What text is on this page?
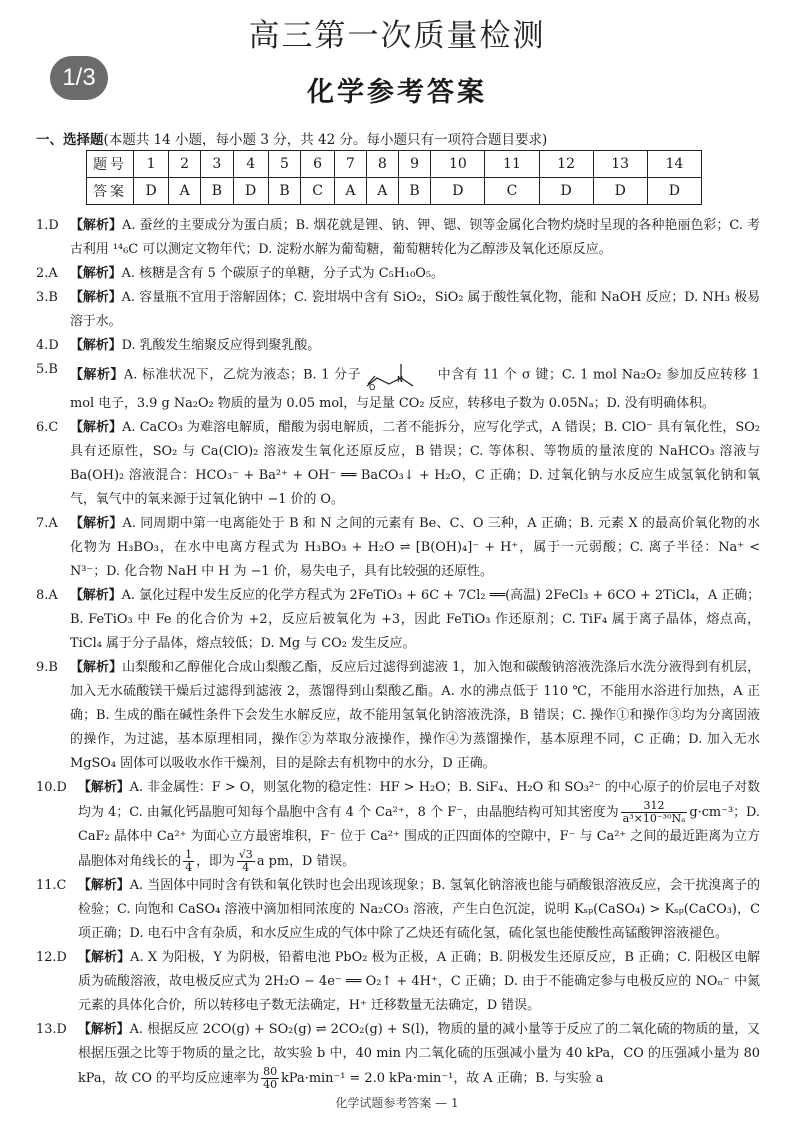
高三第一次质量检测
1/3	化学参考答案
一、选择题(本题共 14 小题，每小题 3 分，共 42 分。每小题只有一项符合题目要求)
题号	1	2	3	4	5	6	7	8	9	10	11	12	13	14
答案	D	A	B	D	B	C	A	A	B	D	C	D	D	D
1.D 【解析】A. 蚕丝的主要成分为蛋白质；B. 烟花就是锂、钠、钾、锶、钡等金属化合物灼烧时呈现的各种艳丽色彩；C. 考古利用 ¹⁴₆C 可以测定文物年代；D. 淀粉水解为葡萄糖，葡萄糖转化为乙醇涉及氧化还原反应。
2.A 【解析】A. 核糖是含有 5 个碳原子的单糖，分子式为 C₅H₁₀O₅。
3.B 【解析】A. 容量瓶不宜用于溶解固体；C. 瓷坩埚中含有 SiO₂，SiO₂ 属于酸性氧化物，能和 NaOH 反应；D. NH₃ 极易溶于水。
4.D 【解析】D. 乳酸发生缩聚反应得到聚乳酸。
5.B 【解析】A. 标准状况下，乙烷为液态；B. 1 分子
O
N	中含有 11 个 σ 键；C. 1 mol Na₂O₂ 参加反应转移 1 mol 电子，3.9 g Na₂O₂ 物质的量为 0.05 mol，与足量 CO₂ 反应，转移电子数为 0.05Nₐ；D. 没有明确体积。
6.C 【解析】A. CaCO₃ 为难溶电解质，醋酸为弱电解质，二者不能拆分，应写化学式，A 错误；B. ClO⁻ 具有氧化性，SO₂ 具有还原性，SO₂ 与 Ca(ClO)₂ 溶液发生氧化还原反应，B 错误；C. 等体积、等物质的量浓度的 NaHCO₃ 溶液与 Ba(OH)₂ 溶液混合：HCO₃⁻ + Ba²⁺ + OH⁻ ══ BaCO₃↓ + H₂O，C 正确；D. 过氧化钠与水反应生成氢氧化钠和氧气，氧气中的氧来源于过氧化钠中 −1 价的 O。
7.A 【解析】A. 同周期中第一电离能处于 B 和 N 之间的元素有 Be、C、O 三种，A 正确；B. 元素 X 的最高价氧化物的水化物为 H₃BO₃，在水中电离方程式为 H₃BO₃ + H₂O ⇌ [B(OH)₄]⁻ + H⁺，属于一元弱酸；C. 离子半径：Na⁺ < N³⁻；D. 化合物 NaH 中 H 为 −1 价，易失电子，具有比较强的还原性。
8.A 【解析】A. 氯化过程中发生反应的化学方程式为 2FeTiO₃ + 6C + 7Cl₂ ══(高温) 2FeCl₃ + 6CO + 2TiCl₄，A 正确；B. FeTiO₃ 中 Fe 的化合价为 +2，反应后被氧化为 +3，因此 FeTiO₃ 作还原剂；C. TiF₄ 属于离子晶体，熔点高，TiCl₄ 属于分子晶体，熔点较低；D. Mg 与 CO₂ 发生反应。
9.B 【解析】山梨酸和乙醇催化合成山梨酸乙酯，反应后过滤得到滤液 1，加入饱和碳酸钠溶液洗涤后水洗分液得到有机层，加入无水硫酸镁干燥后过滤得到滤液 2，蒸馏得到山梨酸乙酯。A. 水的沸点低于 110 ℃，不能用水浴进行加热，A 正确；B. 生成的酯在碱性条件下会发生水解反应，故不能用氢氧化钠溶液洗涤，B 错误；C. 操作①和操作③均为分离固液的操作，为过滤，基本原理相同，操作②为萃取分液操作，操作④为蒸馏操作，基本原理不同，C 正确；D. 加入无水 MgSO₄ 固体可以吸收水作干燥剂，目的是除去有机物中的水分，D 正确。
10.D 【解析】A. 非金属性：F > O，则氢化物的稳定性：HF > H₂O；B. SiF₄、H₂O 和 SO₃²⁻ 的中心原子的价层电子对数均为 4；C. 由氟化钙晶胞可知每个晶胞中含有 4 个 Ca²⁺，8 个 F⁻，由晶胞结构可知其密度为 $\frac{312}{\text{a³×10⁻³⁰Nₐ}} g\cdot cm^{-3}$；D. CaF₂ 晶体中 Ca²⁺ 为面心立方最密堆积，F⁻ 位于 Ca²⁺ 围成的正四面体的空隙中，F⁻ 与 Ca²⁺ 之间的最近距离为立方晶胞体对角线长的 $\frac{1}{4}$ ，即为 $\frac{√3}{4}$ a pm，D 错误。
11.C 【解析】A. 当固体中同时含有铁和氧化铁时也会出现该现象；B. 氢氧化钠溶液也能与硝酸银溶液反应，会干扰溴离子的检验；C. 向饱和 CaSO₄ 溶液中滴加相同浓度的 Na₂CO₃ 溶液，产生白色沉淀，说明 Kₛₚ(CaSO₄) > Kₛₚ(CaCO₃)，C 项正确；D. 电石中含有杂质，和水反应生成的气体中除了乙炔还有硫化氢，硫化氢也能使酸性高锰酸钾溶液褪色。
12.D 【解析】A. X 为阳极，Y 为阴极，铅蓄电池 PbO₂ 极为正极，A 正确；B. 阴极发生还原反应，B 正确；C. 阳极区电解质为硫酸溶液，故电极反应式为 2H₂O − 4e⁻ ══ O₂↑ + 4H⁺，C 正确；D. 由于不能确定参与电极反应的 NOₙ⁻ 中氮元素的具体化合价，所以转移电子数无法确定，H⁺ 迁移数量无法确定，D 错误。
13.D 【解析】A. 根据反应 2CO(g) + SO₂(g) ⇌ 2CO₂(g) + S(l)，物质的量的减小量等于反应了的二氧化硫的物质的量，又根据压强之比等于物质的量之比，故实验 b 中，40 min 内二氧化硫的压强减小量为 40 kPa，CO 的压强减小量为 80 kPa，故 CO 的平均反应速率为 $\frac{80}{40} kPa\cdot\min^{-1} = 2.0$ kPa·min⁻¹，故 A 正确；B. 与实验 a
化学试题参考答案 — 1
